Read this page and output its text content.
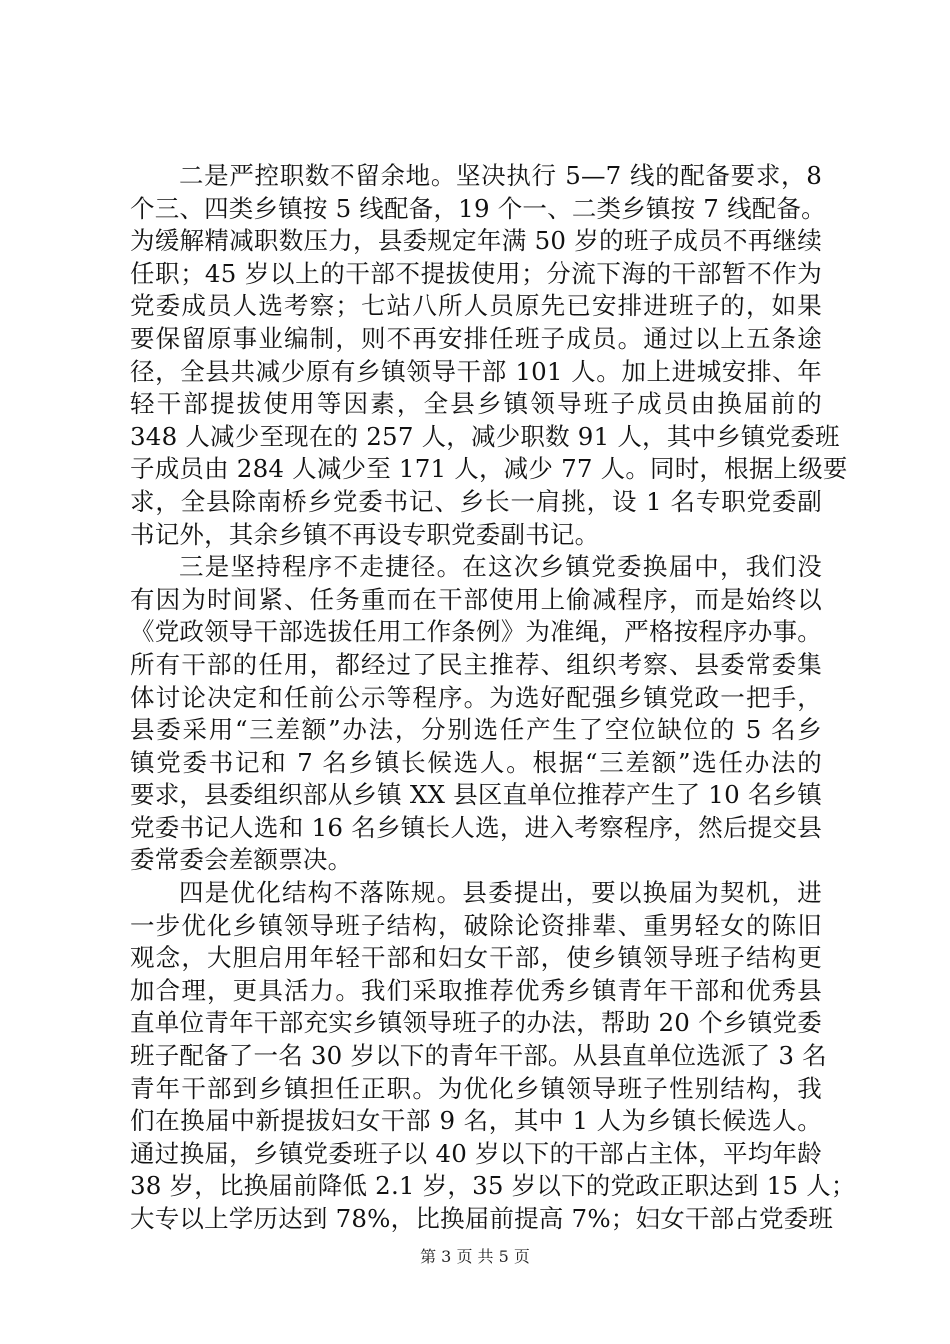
二是严控职数不留余地。坚决执行 5—7 线的配备要求，8
个三、四类乡镇按 5 线配备，19 个一、二类乡镇按 7 线配备。
为缓解精减职数压力，县委规定年满 50 岁的班子成员不再继续
任职；45 岁以上的干部不提拔使用；分流下海的干部暂不作为
党委成员人选考察；七站八所人员原先已安排进班子的，如果
要保留原事业编制，则不再安排任班子成员。通过以上五条途
径，全县共减少原有乡镇领导干部 101 人。加上进城安排、年
轻干部提拔使用等因素，全县乡镇领导班子成员由换届前的
348 人减少至现在的 257 人，减少职数 91 人，其中乡镇党委班
子成员由 284 人减少至 171 人，减少 77 人。同时，根据上级要
求，全县除南桥乡党委书记、乡长一肩挑，设 1 名专职党委副
书记外，其余乡镇不再设专职党委副书记。
三是坚持程序不走捷径。在这次乡镇党委换届中，我们没
有因为时间紧、任务重而在干部使用上偷减程序，而是始终以
《党政领导干部选拔任用工作条例》为准绳，严格按程序办事。
所有干部的任用，都经过了民主推荐、组织考察、县委常委集
体讨论决定和任前公示等程序。为选好配强乡镇党政一把手，
县委采用“三差额”办法，分别选任产生了空位缺位的 5 名乡
镇党委书记和 7 名乡镇长候选人。根据“三差额”选任办法的
要求，县委组织部从乡镇 XX 县区直单位推荐产生了 10 名乡镇
党委书记人选和 16 名乡镇长人选，进入考察程序，然后提交县
委常委会差额票决。
四是优化结构不落陈规。县委提出，要以换届为契机，进
一步优化乡镇领导班子结构，破除论资排辈、重男轻女的陈旧
观念，大胆启用年轻干部和妇女干部，使乡镇领导班子结构更
加合理，更具活力。我们采取推荐优秀乡镇青年干部和优秀县
直单位青年干部充实乡镇领导班子的办法，帮助 20 个乡镇党委
班子配备了一名 30 岁以下的青年干部。从县直单位选派了 3 名
青年干部到乡镇担任正职。为优化乡镇领导班子性别结构，我
们在换届中新提拔妇女干部 9 名，其中 1 人为乡镇长候选人。
通过换届，乡镇党委班子以 40 岁以下的干部占主体，平均年龄
38 岁，比换届前降低 2.1 岁，35 岁以下的党政正职达到 15 人；
大专以上学历达到 78%，比换届前提高 7%；妇女干部占党委班
第 3 页 共 5 页
